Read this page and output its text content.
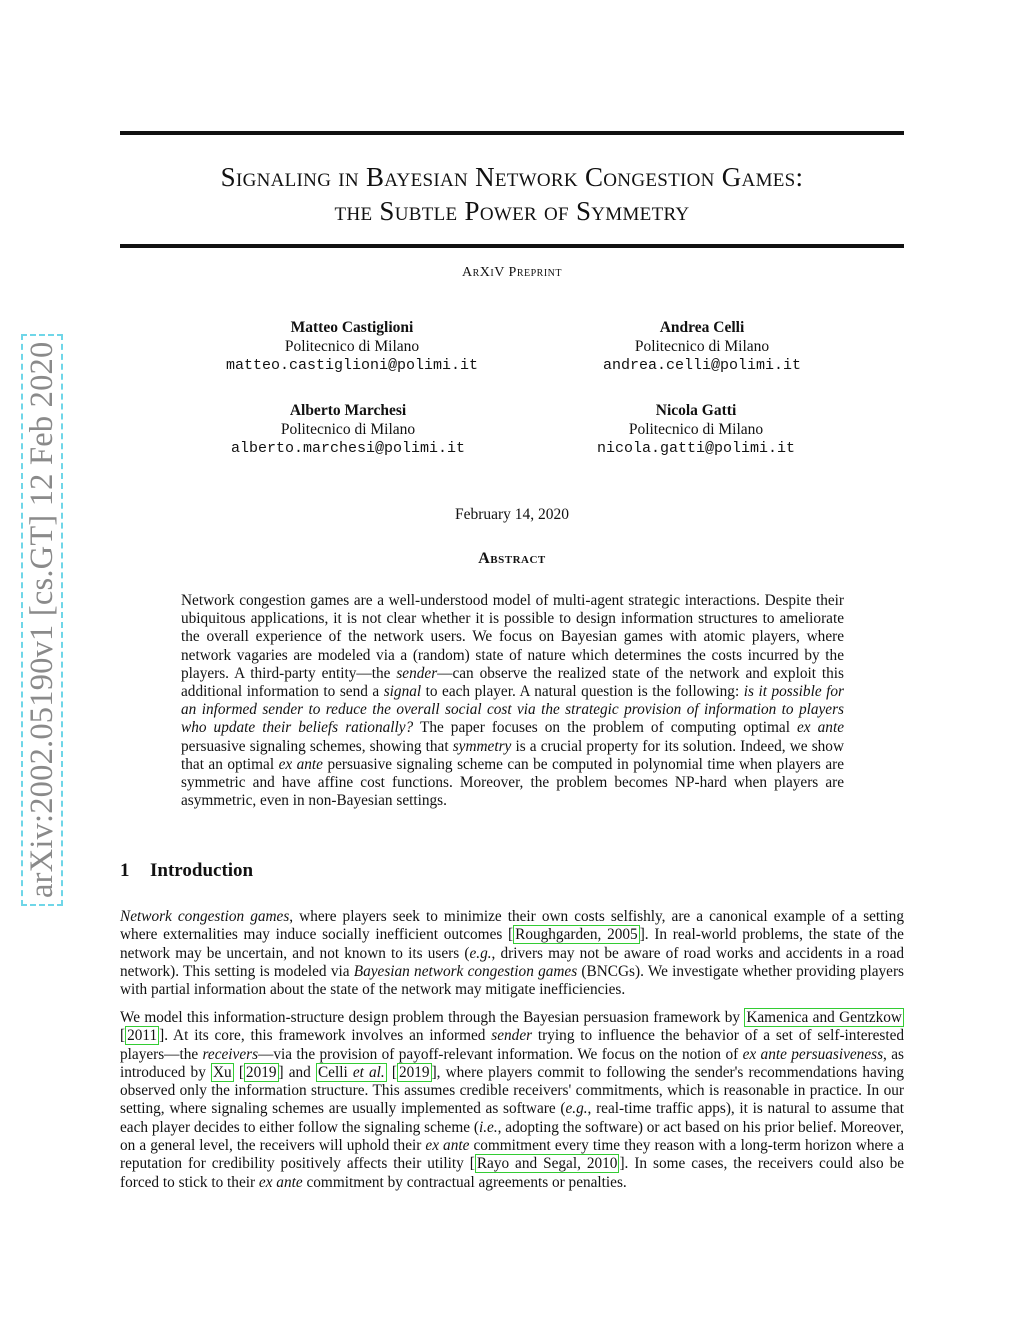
arXiv:2002.05190v1 [cs.GT] 12 Feb 2020
Signaling in Bayesian Network Congestion Games:
the Subtle Power of Symmetry
ArXiV Preprint
Matteo Castiglioni
Politecnico di Milano
matteo.castiglioni@polimi.it
Andrea Celli
Politecnico di Milano
andrea.celli@polimi.it
Alberto Marchesi
Politecnico di Milano
alberto.marchesi@polimi.it
Nicola Gatti
Politecnico di Milano
nicola.gatti@polimi.it
February 14, 2020
Abstract
Network congestion games are a well-understood model of multi-agent strategic interactions. Despite their ubiquitous applications, it is not clear whether it is possible to design information structures to ameliorate the overall experience of the network users. We focus on Bayesian games with atomic players, where network vagaries are modeled via a (random) state of nature which determines the costs incurred by the players. A third-party entity—the sender—can observe the realized state of the network and exploit this additional information to send a signal to each player. A natural question is the following: is it possible for an informed sender to reduce the overall social cost via the strategic provision of information to players who update their beliefs rationally? The paper focuses on the problem of computing optimal ex ante persuasive signaling schemes, showing that symmetry is a crucial property for its solution. Indeed, we show that an optimal ex ante persuasive signaling scheme can be computed in polynomial time when players are symmetric and have affine cost functions. Moreover, the problem becomes NP-hard when players are asymmetric, even in non-Bayesian settings.
1 Introduction
Network congestion games, where players seek to minimize their own costs selfishly, are a canonical example of a setting where externalities may induce socially inefficient outcomes [ Roughgarden, 2005 ]. In real-world problems, the state of the network may be uncertain, and not known to its users (e.g., drivers may not be aware of road works and accidents in a road network). This setting is modeled via Bayesian network congestion games (BNCGs). We investigate whether providing players with partial information about the state of the network may mitigate inefficiencies.
We model this information-structure design problem through the Bayesian persuasion framework by Kamenica and Gentzkow [ 2011 ]. At its core, this framework involves an informed sender trying to influence the behavior of a set of self-interested players—the receivers—via the provision of payoff-relevant information. We focus on the notion of ex ante persuasiveness, as introduced by Xu [ 2019 ] and Celli et al. [ 2019 ], where players commit to following the sender's recommendations having observed only the information structure. This assumes credible receivers' commitments, which is reasonable in practice. In our setting, where signaling schemes are usually implemented as software (e.g., real-time traffic apps), it is natural to assume that each player decides to either follow the signaling scheme (i.e., adopting the software) or act based on his prior belief. Moreover, on a general level, the receivers will uphold their ex ante commitment every time they reason with a long-term horizon where a reputation for credibility positively affects their utility [ Rayo and Segal, 2010 ]. In some cases, the receivers could also be forced to stick to their ex ante commitment by contractual agreements or penalties.
